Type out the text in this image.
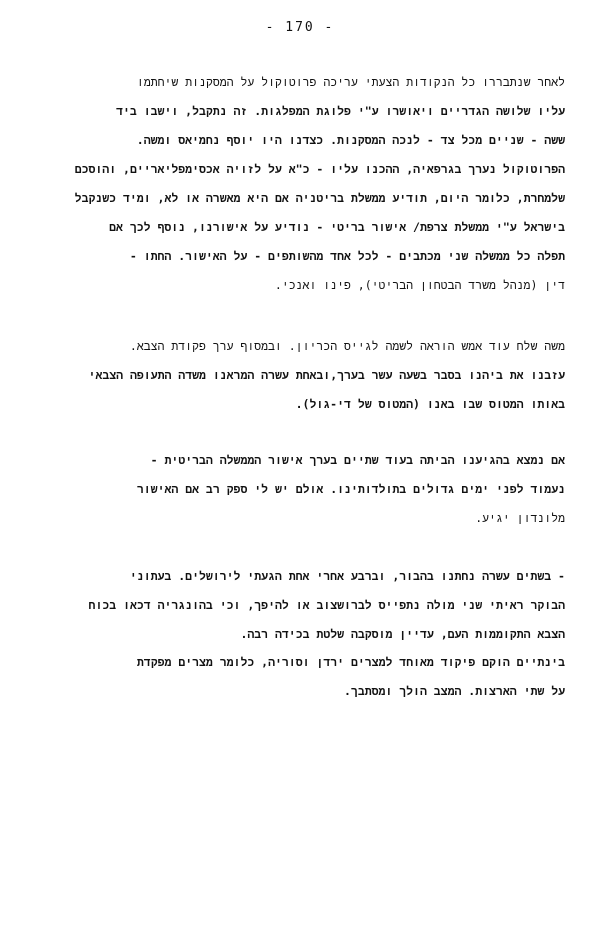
- 170 -
לאחר שנתבררו כל הנקודות הצעתי עריכה פרוטוקול על המסקנות שיחתמו
עליו שלושה הגדריים ויאושרו ע"י פלוגת המפלגות. זה נתקבל, וישבו ביד
ששה - שניים מכל צד - לנכה המסקנות. כצדנו היו יוסף נחמיאס ומשה.
הפרוטוקול נערך בגרפאיה, ההכנו עליו - כ"א על לזויה אכסימפליאריים, והוסכם
שלמחרת, כלומר היום, תודיע ממשלת בריטניה אם היא מאשרה או לא, ומיד כשנקבל
בישראל ע"י ממשלת צרפת/ אישור בריטי - נודיע על אישורנו, נוסף לכך אם
תפלה כל ממשלה שני מכתבים - לכל אחד מהשותפים - על האישור. החתו -
דין (מנהל משרד הבטחון הבריטי), פינו ואנכי.
משה שלח עוד אמש הוראה לשמה לגייס הכריון. ובמסוף ערך פקודת הצבא.
עזבנו את ביהנו בסבר בשעה עשר בערך,ובאחת עשרה המראנו משדה התעופה הצבאי
באותו המטוס שבו באנו (המטוס של די-גול).
אם נמצא בהגיענו הביתה בעוד שתיים בערך אישור הממשלה הבריטית -
נעמוד לפני ימים גדולים בתולדותינו. אולם יש לי ספק רב אם האישור
מלונדון יגיע.
- בשתים עשרה נחתנו בהבור, וברבע אחרי אחת הגעתי לירושלים. בעתוני
הבוקר ראיתי שני מולה נתפייס לברושצוב או להיפך, וכי בהונגריה דכאו בכוח
הצבא התקוממות העם, עדיין מוסקבה שלטת בכידה רבה.
בינתיים הוקם פיקוד מאוחד למצרים ירדן וסוריה, כלומר מצרים מפקדת
על שתי הארצות. המצב הולך ומסתבך.
